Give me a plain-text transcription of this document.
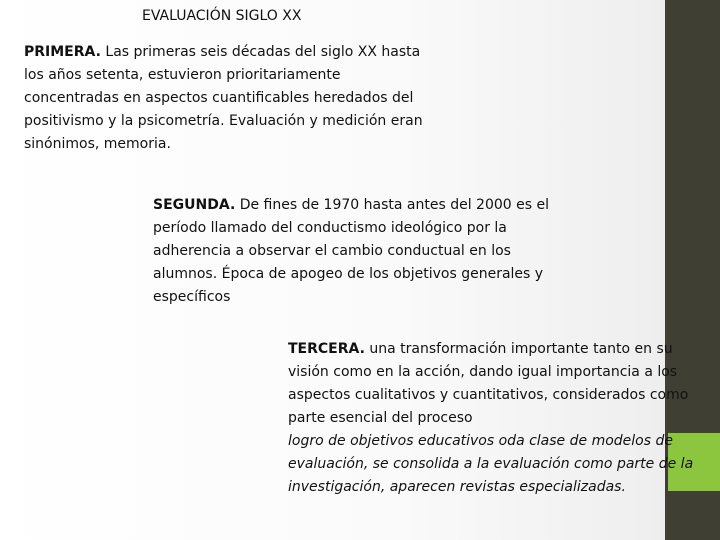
EVALUACIÓN SIGLO XX
PRIMERA. Las primeras seis décadas del siglo XX hasta los años setenta, estuvieron prioritariamente concentradas en aspectos cuantificables heredados del positivismo y la psicometría. Evaluación y medición eran sinónimos, memoria.
SEGUNDA. De fines de 1970 hasta antes del 2000 es el período llamado del conductismo ideológico por la adherencia a observar el cambio conductual en los alumnos. Época de apogeo de los objetivos generales y específicos
TERCERA. una transformación importante tanto en su visión como en la acción, dando igual importancia a los aspectos cualitativos y cuantitativos, considerados como parte esencial del proceso
logro de objetivos educativos oda clase de modelos de evaluación, se consolida a la evaluación como parte de la investigación, aparecen revistas especializadas.
